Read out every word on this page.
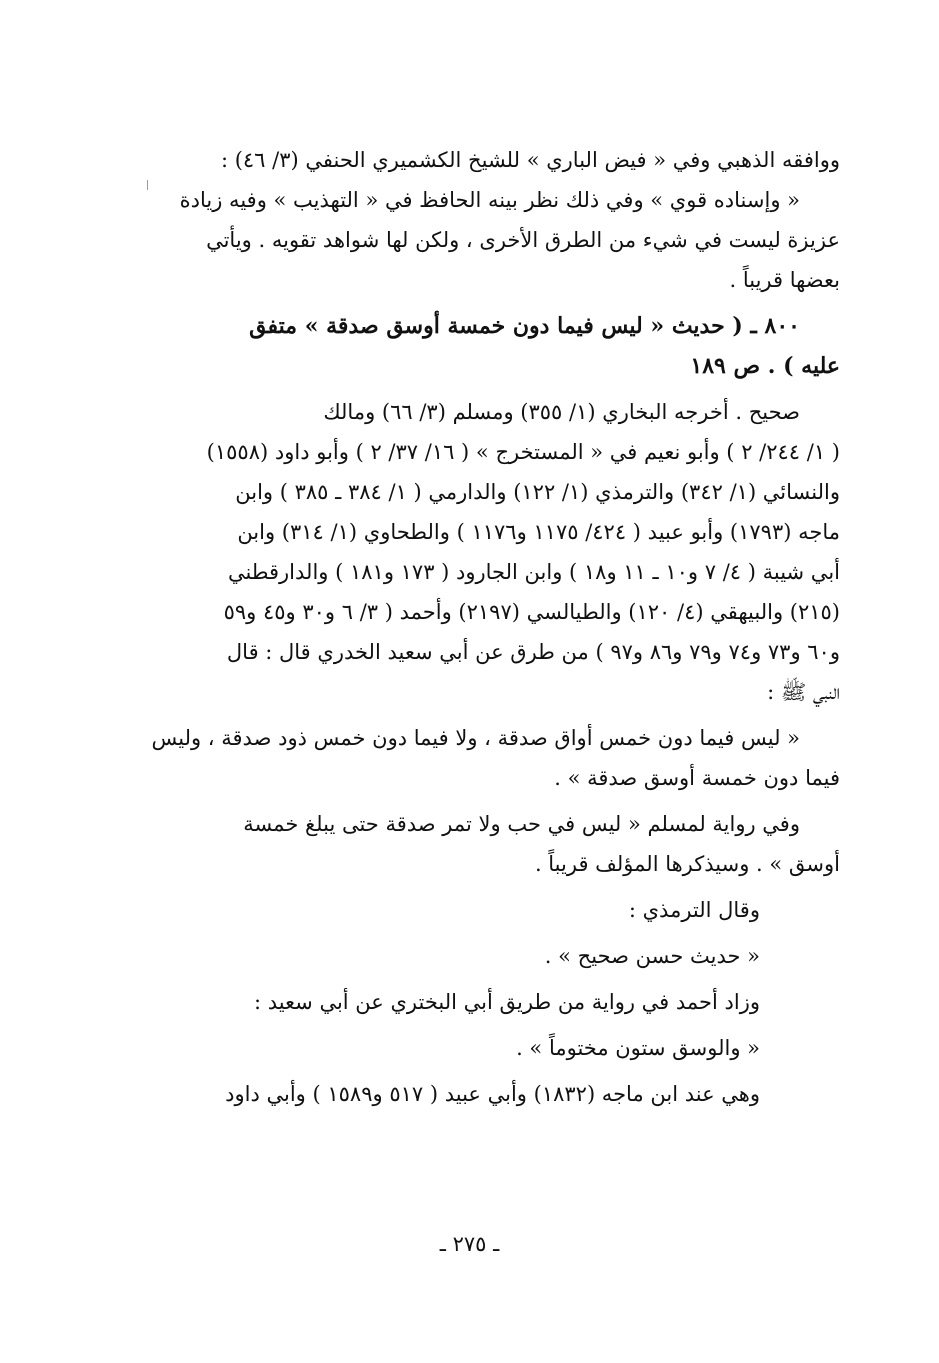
ووافقه الذهبي وفي « فيض الباري » للشيخ الكشميري الحنفي (٣/ ٤٦) :
« وإسناده قوي » وفي ذلك نظر بينه الحافظ في « التهذيب » وفيه زيادة
عزيزة ليست في شيء من الطرق الأخرى ، ولكن لها شواهد تقويه . ويأتي
بعضها قريباً .
٨٠٠ ـ ( حديث « ليس فيما دون خمسة أوسق صدقة » متفق
عليه ) . ص ١٨٩
صحيح . أخرجه البخاري (١/ ٣٥٥) ومسلم (٣/ ٦٦) ومالك
( ١/ ٢٤٤/ ٢ ) وأبو نعيم في « المستخرج » ( ١٦/ ٣٧/ ٢ ) وأبو داود (١٥٥٨)
والنسائي (١/ ٣٤٢) والترمذي (١/ ١٢٢) والدارمي ( ١/ ٣٨٤ ـ ٣٨٥ ) وابن
ماجه (١٧٩٣) وأبو عبيد ( ٤٢٤/ ١١٧٥ و١١٧٦ ) والطحاوي (١/ ٣١٤) وابن
أبي شيبة ( ٤/ ٧ و١٠ ـ ١١ و١٨ ) وابن الجارود ( ١٧٣ و١٨١ ) والدارقطني
(٢١٥) والبيهقي (٤/ ١٢٠) والطيالسي (٢١٩٧) وأحمد ( ٣/ ٦ و٣٠ و٤٥ و٥٩
و٦٠ و٧٣ و٧٤ و٧٩ و٨٦ و٩٧ ) من طرق عن أبي سعيد الخدري قال : قال
النبي ﷺ :
« ليس فيما دون خمس أواق صدقة ، ولا فيما دون خمس ذود صدقة ، وليس
فيما دون خمسة أوسق صدقة » .
وفي رواية لمسلم « ليس في حب ولا تمر صدقة حتى يبلغ خمسة
أوسق » . وسيذكرها المؤلف قريباً .
وقال الترمذي :
« حديث حسن صحيح » .
وزاد أحمد في رواية من طريق أبي البختري عن أبي سعيد :
« والوسق ستون مختوماً » .
وهي عند ابن ماجه (١٨٣٢) وأبي عبيد ( ٥١٧ و١٥٨٩ ) وأبي داود
ـ ٢٧٥ ـ
